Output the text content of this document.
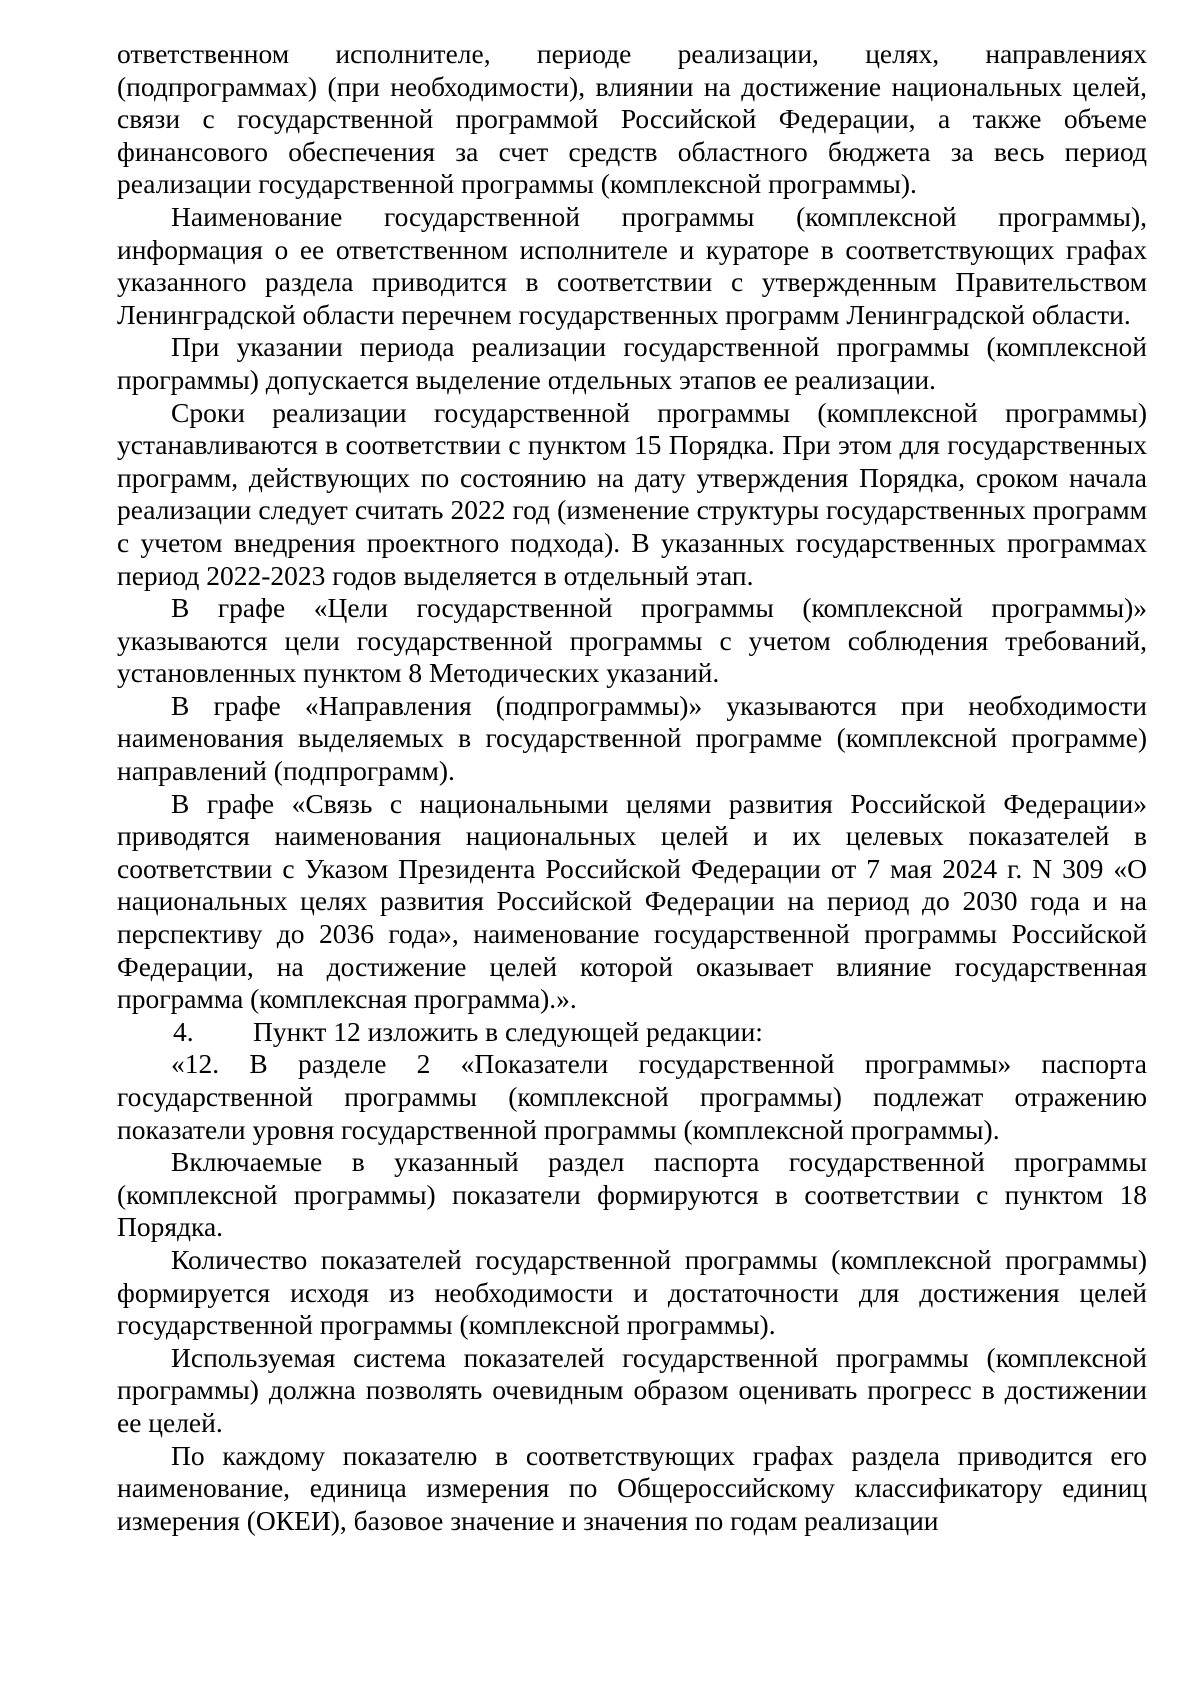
ответственном исполнителе, периоде реализации, целях, направлениях (подпрограммах) (при необходимости), влиянии на достижение национальных целей, связи с государственной программой Российской Федерации, а также объеме финансового обеспечения за счет средств областного бюджета за весь период реализации государственной программы (комплексной программы).

Наименование государственной программы (комплексной программы), информация о ее ответственном исполнителе и кураторе в соответствующих графах указанного раздела приводится в соответствии с утвержденным Правительством Ленинградской области перечнем государственных программ Ленинградской области.

При указании периода реализации государственной программы (комплексной программы) допускается выделение отдельных этапов ее реализации.

Сроки реализации государственной программы (комплексной программы) устанавливаются в соответствии с пунктом 15 Порядка. При этом для государственных программ, действующих по состоянию на дату утверждения Порядка, сроком начала реализации следует считать 2022 год (изменение структуры государственных программ с учетом внедрения проектного подхода). В указанных государственных программах период 2022-2023 годов выделяется в отдельный этап.

В графе «Цели государственной программы (комплексной программы)» указываются цели государственной программы с учетом соблюдения требований, установленных пунктом 8 Методических указаний.

В графе «Направления (подпрограммы)» указываются при необходимости наименования выделяемых в государственной программе (комплексной программе) направлений (подпрограмм).

В графе «Связь с национальными целями развития Российской Федерации» приводятся наименования национальных целей и их целевых показателей в соответствии с Указом Президента Российской Федерации от 7 мая 2024 г. N 309 «О национальных целях развития Российской Федерации на период до 2030 года и на перспективу до 2036 года», наименование государственной программы Российской Федерации, на достижение целей которой оказывает влияние государственная программа (комплексная программа).».

4. Пункт 12 изложить в следующей редакции:

«12. В разделе 2 «Показатели государственной программы» паспорта государственной программы (комплексной программы) подлежат отражению показатели уровня государственной программы (комплексной программы).

Включаемые в указанный раздел паспорта государственной программы (комплексной программы) показатели формируются в соответствии с пунктом 18 Порядка.

Количество показателей государственной программы (комплексной программы) формируется исходя из необходимости и достаточности для достижения целей государственной программы (комплексной программы).

Используемая система показателей государственной программы (комплексной программы) должна позволять очевидным образом оценивать прогресс в достижении ее целей.

По каждому показателю в соответствующих графах раздела приводится его наименование, единица измерения по Общероссийскому классификатору единиц измерения (ОКЕИ), базовое значение и значения по годам реализации
